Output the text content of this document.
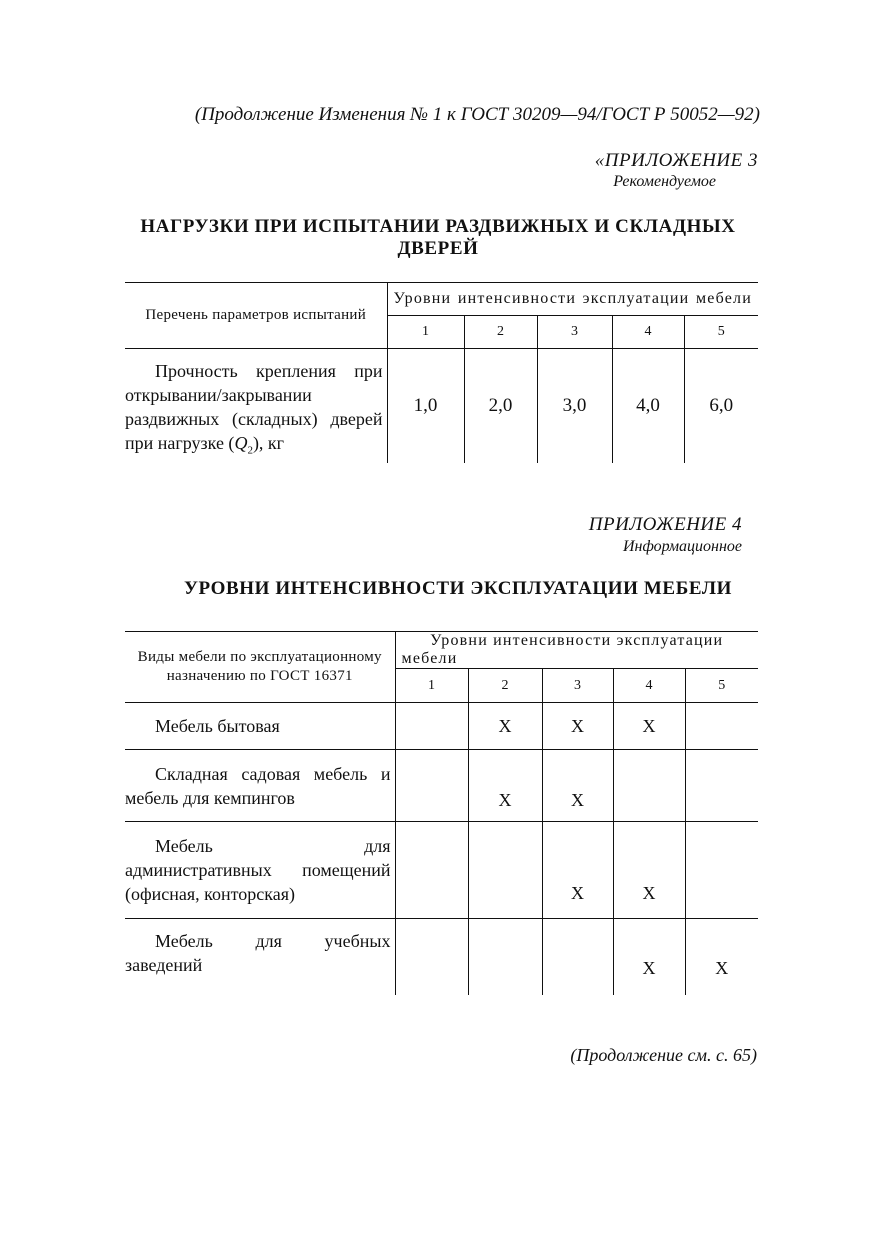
(Продолжение Изменения № 1 к ГОСТ 30209—94/ГОСТ Р 50052—92)
«ПРИЛОЖЕНИЕ 3
Рекомендуемое
НАГРУЗКИ ПРИ ИСПЫТАНИИ РАЗДВИЖНЫХ И СКЛАДНЫХ
ДВЕРЕЙ
Перечень параметров испытаний	Уровни интенсивности эксплуатации мебели				
	1	2	3	4	5
Прочность крепления при открывании/закрывании раздвижных (складных) дверей при нагрузке $(Q_2)$, кг	1,0	2,0	3,0	4,0	6,0
ПРИЛОЖЕНИЕ 4
Информационное
УРОВНИ ИНТЕНСИВНОСТИ ЭКСПЛУАТАЦИИ МЕБЕЛИ
Виды мебели по эксплуатационному назначению по ГОСТ 16371	Уровни интенсивности эксплуатации мебели				
	1	2	3	4	5
Мебель бытовая		X	X	X	
Складная садовая мебель и мебель для кемпингов		X	X		
Мебель для административных помещений (офисная, конторская)			X	X	
Мебель для учебных заведений				X	X
(Продолжение см. с. 65)
